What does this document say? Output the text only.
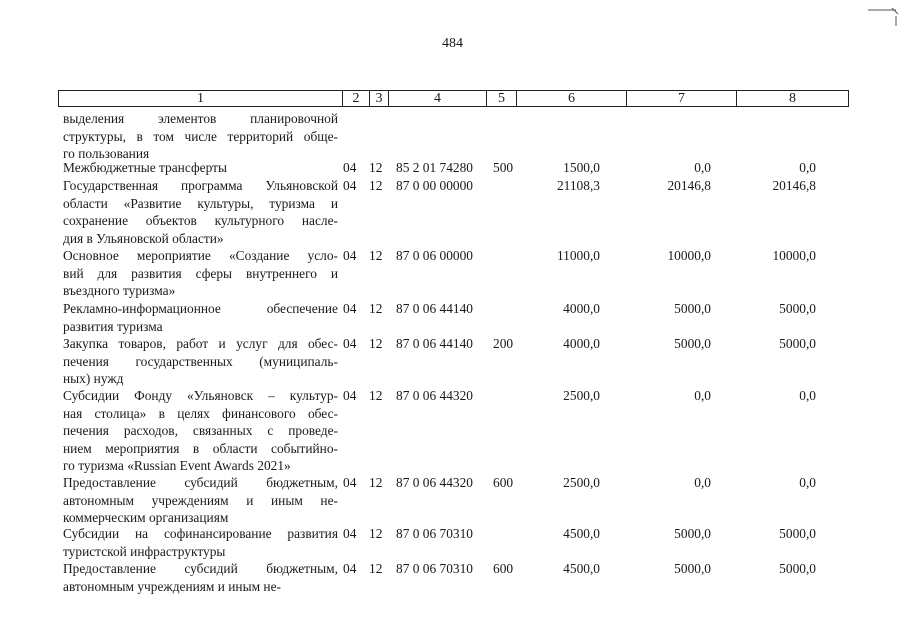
484
1	2	3	4	5	6	7	8
выделения элементов планировочной
структуры, в том числе территорий обще-
го пользования
Межбюджетные трансферты	04 12 85 2 01 74280 500	1500,0	0,0	0,0
Государственная программа Ульяновской
области «Развитие культуры, туризма и
сохранение объектов культурного насле-
дия в Ульяновской области»
04 12 87 0 00 00000	21108,3	20146,8	20146,8
Основное мероприятие «Создание усло-
вий для развития сферы внутреннего и
въездного туризма»
04 12 87 0 06 00000	11000,0	10000,0	10000,0
Рекламно-информационное обеспечение
развития туризма
04 12 87 0 06 44140	4000,0	5000,0	5000,0
Закупка товаров, работ и услуг для обес-
печения государственных (муниципаль-
ных) нужд
04 12 87 0 06 44140 200	4000,0	5000,0	5000,0
Субсидии Фонду «Ульяновск – культур-
ная столица» в целях финансового обес-
печения расходов, связанных с проведе-
нием мероприятия в области событийно-
го туризма «Russian Event Awards 2021»
04 12 87 0 06 44320	2500,0	0,0	0,0
Предоставление субсидий бюджетным,
автономным учреждениям и иным не-
коммерческим организациям
04 12 87 0 06 44320 600	2500,0	0,0	0,0
Субсидии на софинансирование развития
туристской инфраструктуры
04 12 87 0 06 70310	4500,0	5000,0	5000,0
Предоставление субсидий бюджетным,
автономным учреждениям и иным не-
04 12 87 0 06 70310 600	4500,0	5000,0	5000,0
